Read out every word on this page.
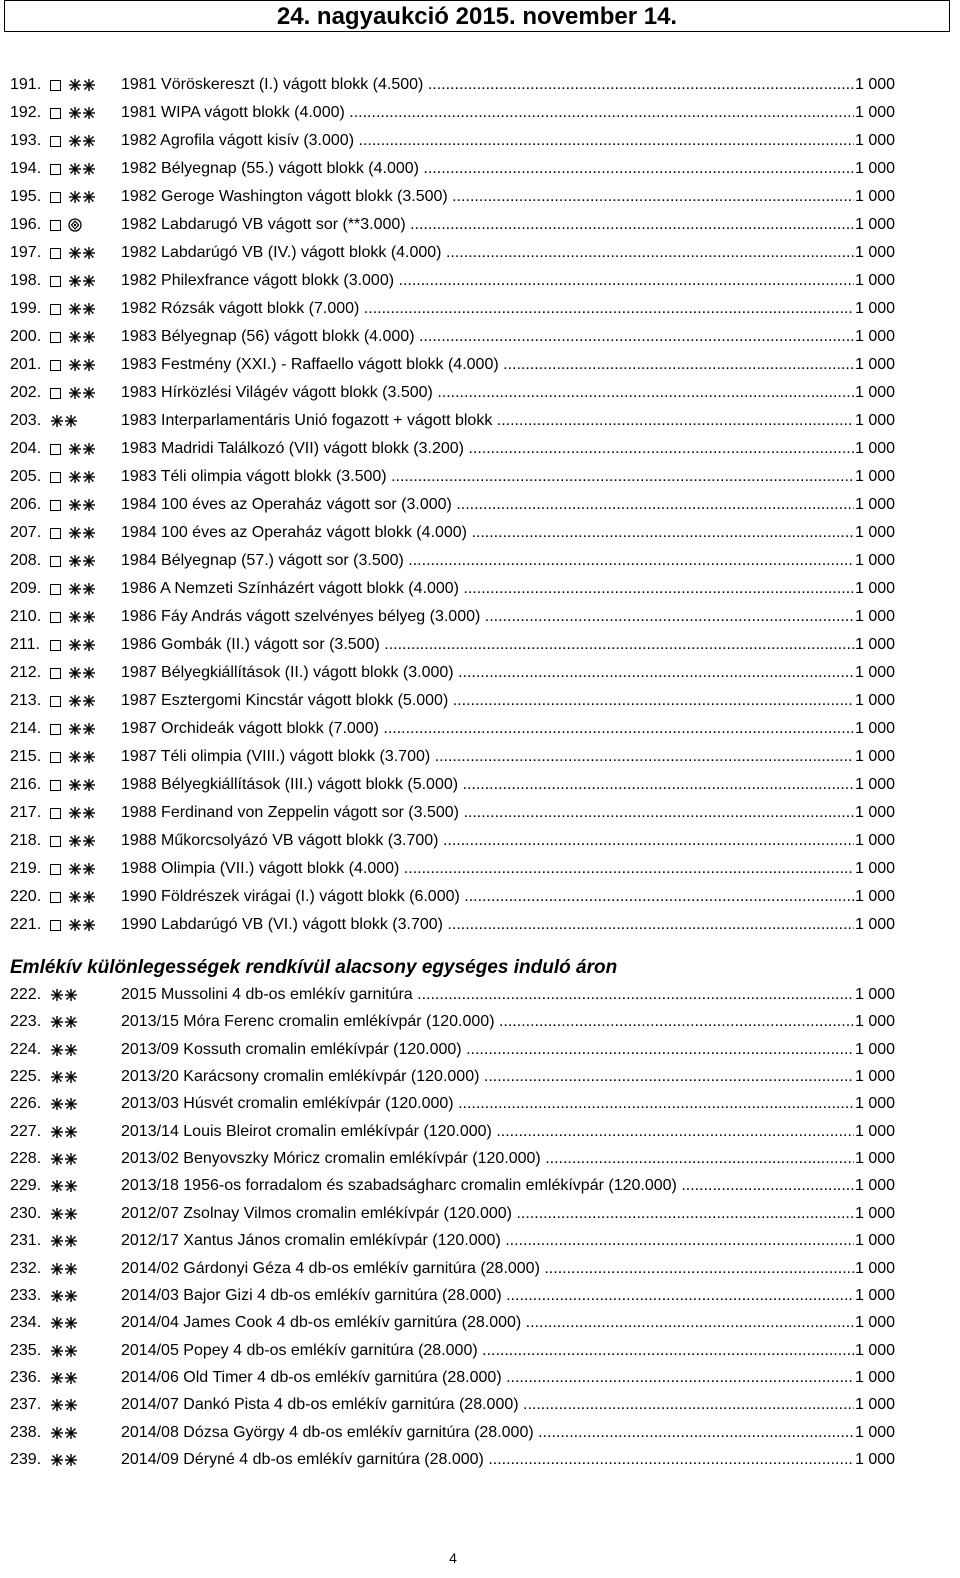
24. nagyaukció 2015. november 14.
191.	1981 Vöröskereszt (I.) vágott blokk (4.500) .....	1 000
192.	1981 WIPA vágott blokk (4.000) .....	1 000
193.	1982 Agrofila vágott kisív (3.000) .....	1 000
194.	1982 Bélyegnap (55.) vágott blokk (4.000) .....	1 000
195.	1982 Geroge Washington vágott blokk (3.500) .....	1 000
196.	1982 Labdarugó VB vágott sor (**3.000) .....	1 000
197.	1982 Labdarúgó VB (IV.) vágott blokk (4.000) .....	1 000
198.	1982 Philexfrance vágott blokk (3.000) .....	1 000
199.	1982 Rózsák vágott blokk (7.000) .....	1 000
200.	1983 Bélyegnap (56) vágott blokk (4.000) .....	1 000
201.	1983 Festmény (XXI.) - Raffaello vágott blokk (4.000) .....	1 000
202.	1983 Hírközlési Világév vágott blokk (3.500) .....	1 000
203.	1983 Interparlamentáris Unió fogazott + vágott blokk .....	1 000
204.	1983 Madridi Találkozó (VII) vágott blokk (3.200) .....	1 000
205.	1983 Téli olimpia vágott blokk (3.500) .....	1 000
206.	1984 100 éves az Operaház vágott sor (3.000) .....	1 000
207.	1984 100 éves az Operaház vágott blokk (4.000) .....	1 000
208.	1984 Bélyegnap (57.) vágott sor (3.500) .....	1 000
209.	1986 A Nemzeti Színházért vágott blokk (4.000) .....	1 000
210.	1986 Fáy András vágott szelvényes bélyeg (3.000) .....	1 000
211.	1986 Gombák (II.) vágott sor (3.500) .....	1 000
212.	1987 Bélyegkiállítások (II.) vágott blokk (3.000) .....	1 000
213.	1987 Esztergomi Kincstár vágott blokk (5.000) .....	1 000
214.	1987 Orchideák vágott blokk (7.000) .....	1 000
215.	1987 Téli olimpia (VIII.) vágott blokk (3.700) .....	1 000
216.	1988 Bélyegkiállítások (III.) vágott blokk (5.000) .....	1 000
217.	1988 Ferdinand von Zeppelin vágott sor (3.500) .....	1 000
218.	1988 Műkorcsolyázó VB vágott blokk (3.700) .....	1 000
219.	1988 Olimpia (VII.) vágott blokk (4.000) .....	1 000
220.	1990 Földrészek virágai (I.) vágott blokk (6.000) .....	1 000
221.	1990 Labdarúgó VB (VI.) vágott blokk (3.700) .....	1 000
Emlékív különlegességek rendkívül alacsony egységes induló áron
222.	2015 Mussolini 4 db-os emlékív garnitúra .....	1 000
223.	2013/15 Móra Ferenc cromalin emlékívpár (120.000) .....	1 000
224.	2013/09 Kossuth cromalin emlékívpár (120.000) .....	1 000
225.	2013/20 Karácsony cromalin emlékívpár (120.000) .....	1 000
226.	2013/03 Húsvét cromalin emlékívpár (120.000) .....	1 000
227.	2013/14 Louis Bleirot cromalin emlékívpár (120.000) .....	1 000
228.	2013/02 Benyovszky Móricz cromalin emlékívpár (120.000) .....	1 000
229.	2013/18 1956-os forradalom és szabadságharc cromalin emlékívpár (120.000) .....	1 000
230.	2012/07 Zsolnay Vilmos cromalin emlékívpár (120.000) .....	1 000
231.	2012/17 Xantus János cromalin emlékívpár (120.000) .....	1 000
232.	2014/02 Gárdonyi Géza 4 db-os emlékív garnitúra (28.000) .....	1 000
233.	2014/03 Bajor Gizi 4 db-os emlékív garnitúra (28.000) .....	1 000
234.	2014/04 James Cook 4 db-os emlékív garnitúra (28.000) .....	1 000
235.	2014/05 Popey 4 db-os emlékív garnitúra (28.000) .....	1 000
236.	2014/06 Old Timer 4 db-os emlékív garnitúra (28.000) .....	1 000
237.	2014/07 Dankó Pista 4 db-os emlékív garnitúra (28.000) .....	1 000
238.	2014/08 Dózsa György 4 db-os emlékív garnitúra (28.000) .....	1 000
239.	2014/09 Déryné 4 db-os emlékív garnitúra (28.000) .....	1 000
4
